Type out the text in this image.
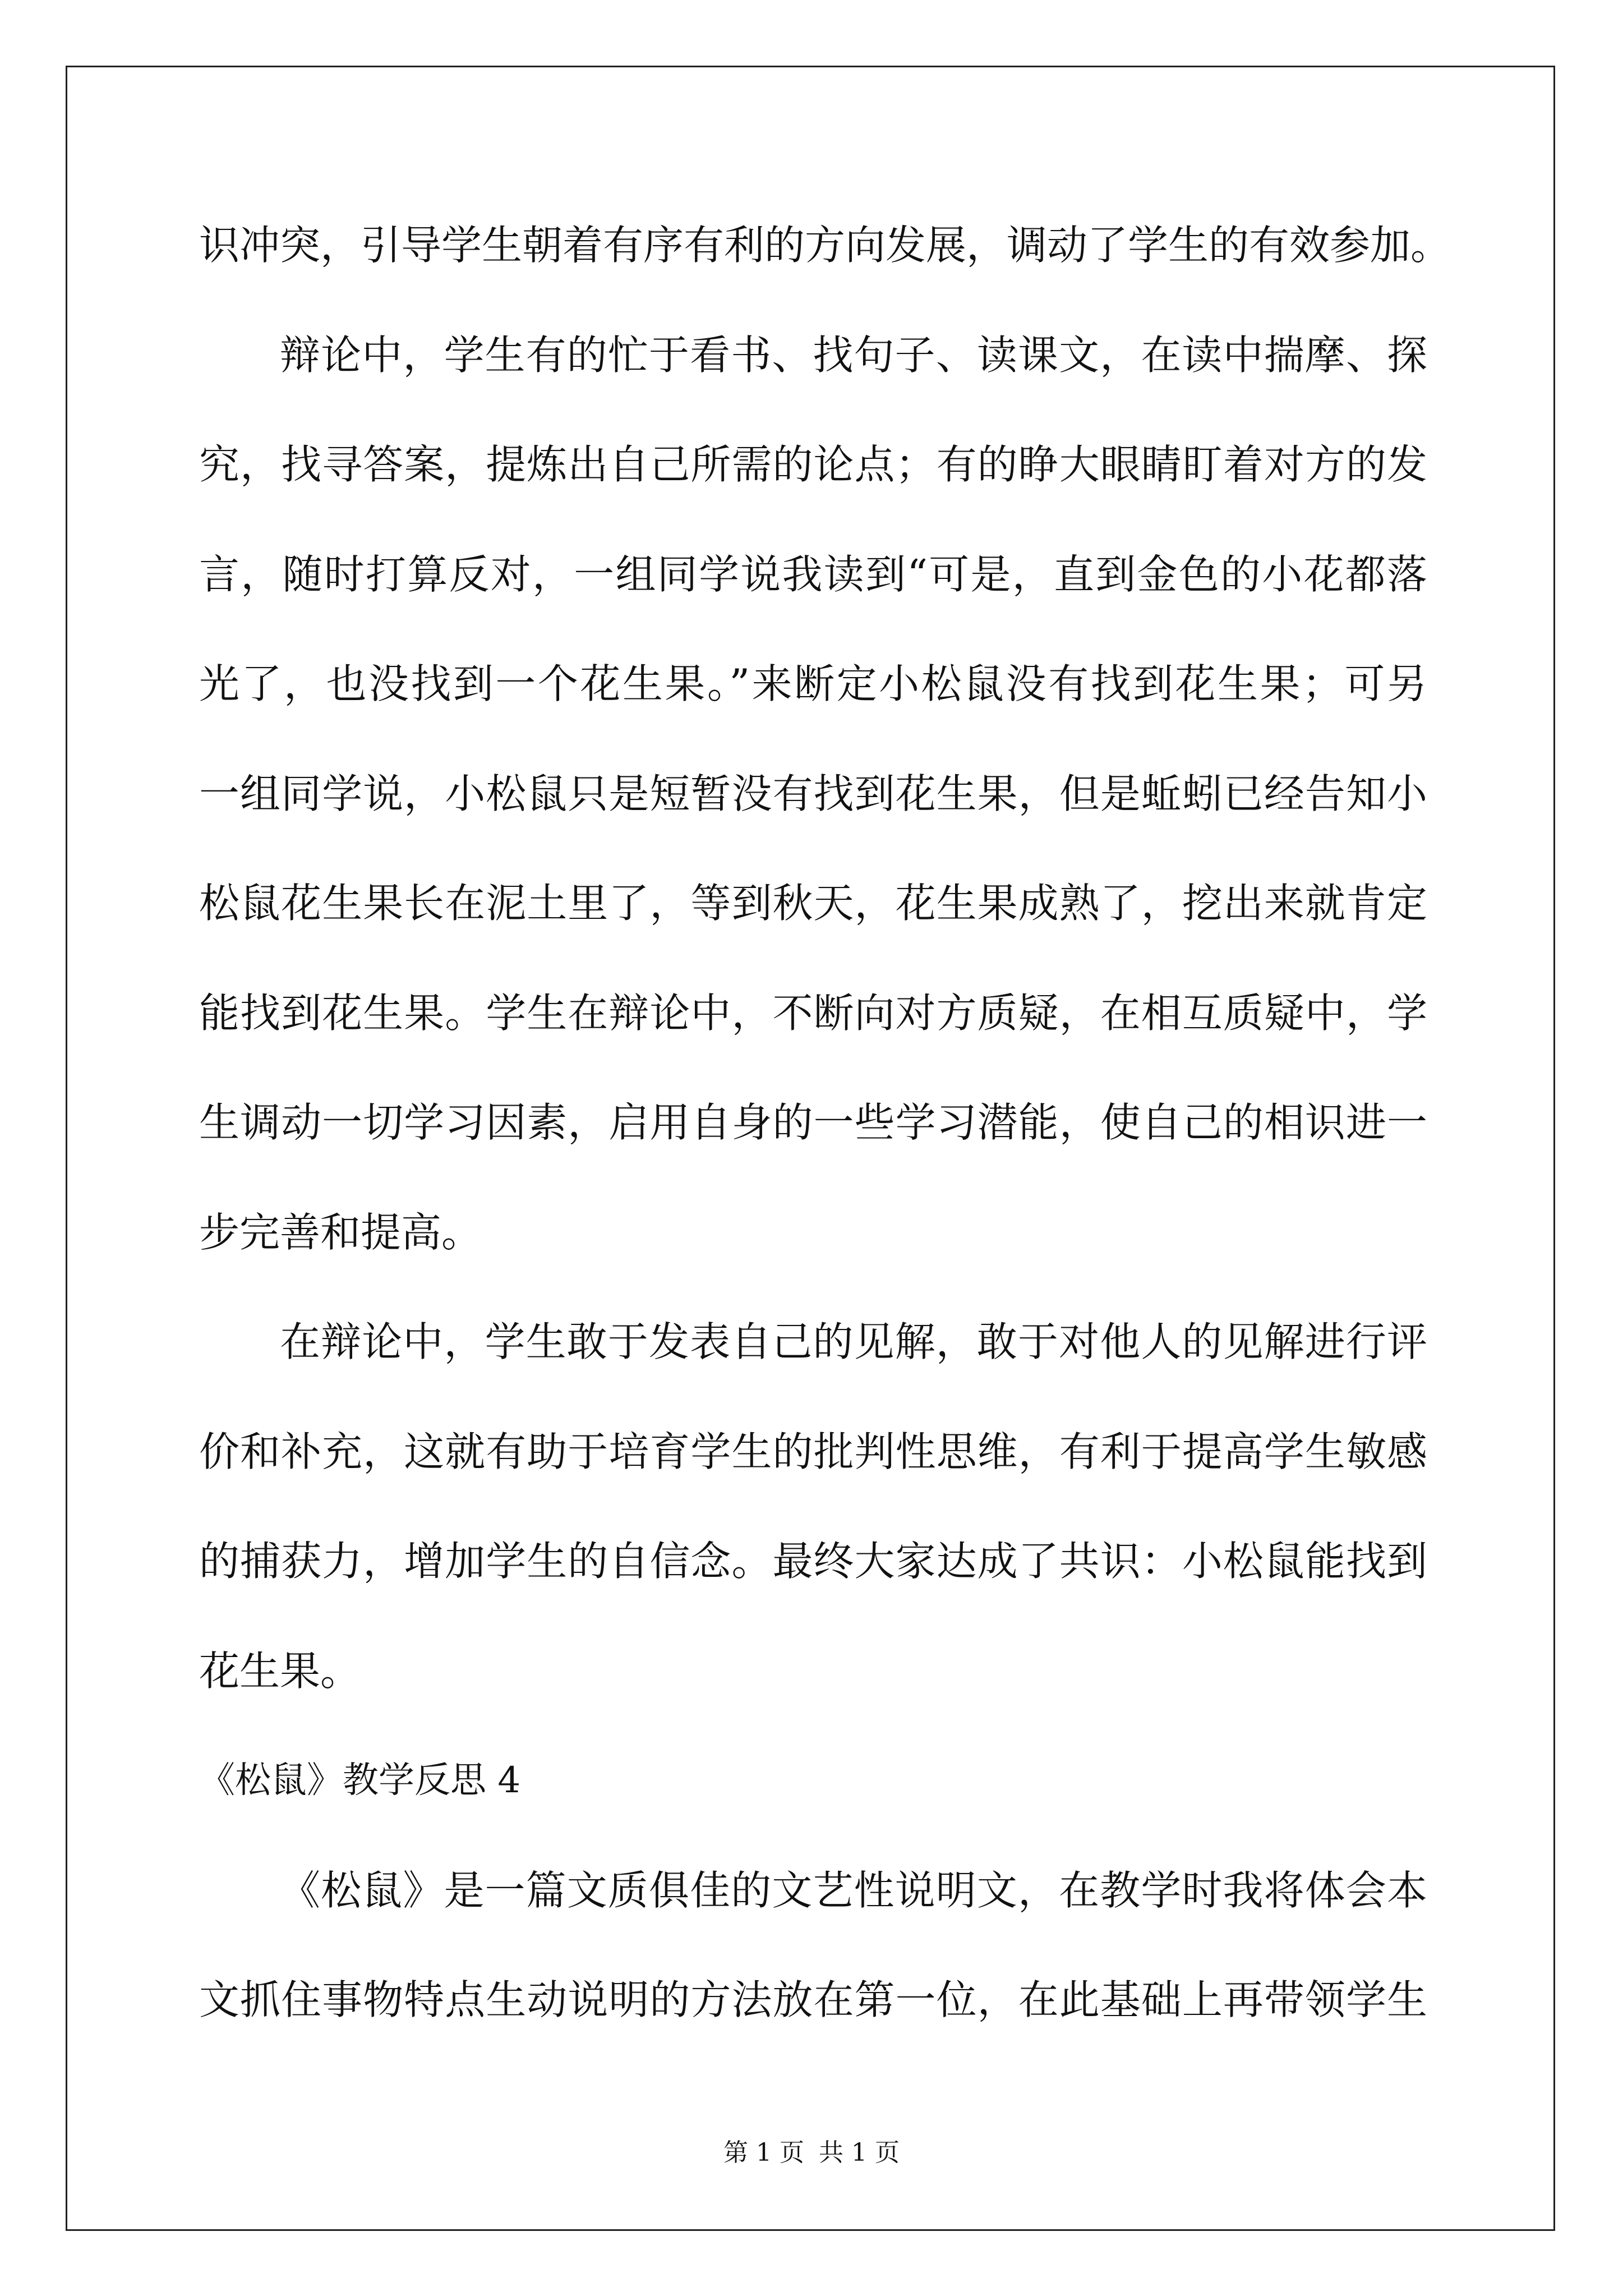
识冲突，引导学生朝着有序有利的方向发展，调动了学生的有效参加。
辩论中，学生有的忙于看书、找句子、读课文，在读中揣摩、探
究，找寻答案，提炼出自己所需的论点；有的睁大眼睛盯着对方的发
言，随时打算反对，一组同学说我读到“可是，直到金色的小花都落
光了，也没找到一个花生果。”来断定小松鼠没有找到花生果；可另
一组同学说，小松鼠只是短暂没有找到花生果，但是蚯蚓已经告知小
松鼠花生果长在泥土里了，等到秋天，花生果成熟了，挖出来就肯定
能找到花生果。学生在辩论中，不断向对方质疑，在相互质疑中，学
生调动一切学习因素，启用自身的一些学习潜能，使自己的相识进一
步完善和提高。
在辩论中，学生敢于发表自己的见解，敢于对他人的见解进行评
价和补充，这就有助于培育学生的批判性思维，有利于提高学生敏感
的捕获力，增加学生的自信念。最终大家达成了共识：小松鼠能找到
花生果。
《松鼠》教学反思 4
《松鼠》是一篇文质俱佳的文艺性说明文，在教学时我将体会本
文抓住事物特点生动说明的方法放在第一位，在此基础上再带领学生
第 1 页 共 1 页
